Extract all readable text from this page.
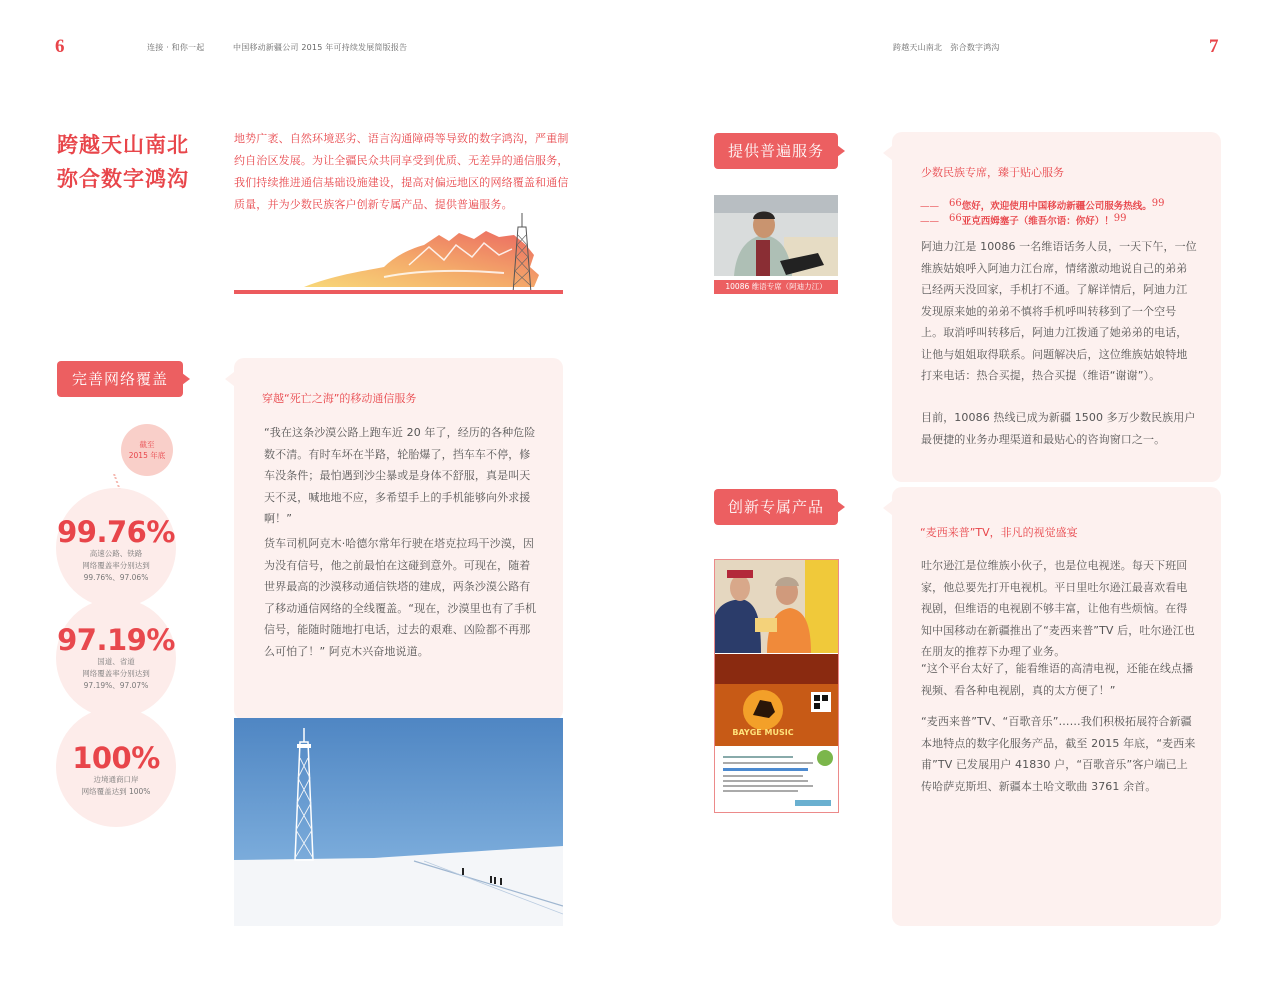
6	连接 · 和你一起	中国移动新疆公司 2015 年可持续发展简版报告	跨越天山南北   弥合数字鸿沟	7
跨越天山南北
弥合数字鸿沟
地势广袤、自然环境恶劣、语言沟通障碍等导致的数字鸿沟，严重制约自治区发展。为让全疆民众共同享受到优质、无差异的通信服务，我们持续推进通信基础设施建设，提高对偏远地区的网络覆盖和通信质量，并为少数民族客户创新专属产品、提供普遍服务。
完善网络覆盖
截至
2015 年底
99.76%
高速公路、铁路
网络覆盖率分别达到
99.76%、97.06%
97.19%
国道、省道
网络覆盖率分别达到
97.19%、97.07%
100%
边境通商口岸
网络覆盖达到 100%
穿越“死亡之海”的移动通信服务
“我在这条沙漠公路上跑车近 20 年了，经历的各种危险数不清。有时车坏在半路，轮胎爆了，挡车车不停，修车没条件；最怕遇到沙尘暴或是身体不舒服，真是叫天天不灵，喊地地不应，多希望手上的手机能够向外求援啊！”
货车司机阿克木·哈德尔常年行驶在塔克拉玛干沙漠，因为没有信号，他之前最怕在这碰到意外。可现在，随着世界最高的沙漠移动通信铁塔的建成，两条沙漠公路有了移动通信网络的全线覆盖。“现在，沙漠里也有了手机信号，能随时随地打电话，过去的艰难、凶险都不再那么可怕了！” 阿克木兴奋地说道。
提供普遍服务
10086 维语专席（阿迪力江）
少数民族专席，臻于贴心服务
—— 66您好，欢迎使用中国移动新疆公司服务热线。99
—— 66亚克西姆塞子（维吾尔语：你好）！99
阿迪力江是 10086 一名维语话务人员，一天下午，一位维族姑娘呼入阿迪力江台席，情绪激动地说自己的弟弟已经两天没回家，手机打不通。了解详情后，阿迪力江发现原来她的弟弟不慎将手机呼叫转移到了一个空号上。取消呼叫转移后，阿迪力江拨通了她弟弟的电话，让他与姐姐取得联系。问题解决后，这位维族姑娘特地打来电话：热合买提，热合买提（维语“谢谢”）。
目前，10086 热线已成为新疆 1500 多万少数民族用户最便捷的业务办理渠道和最贴心的咨询窗口之一。
创新专属产品
BAYGE MUSIC
“麦西来普”TV，非凡的视觉盛宴
吐尔逊江是位维族小伙子，也是位电视迷。每天下班回家，他总要先打开电视机。平日里吐尔逊江最喜欢看电视剧，但维语的电视剧不够丰富，让他有些烦恼。在得知中国移动在新疆推出了“麦西来普”TV 后，吐尔逊江也在朋友的推荐下办理了业务。
“这个平台太好了，能看维语的高清电视，还能在线点播视频、看各种电视剧，真的太方便了！”
“麦西来普”TV、“百歌音乐”……我们积极拓展符合新疆本地特点的数字化服务产品，截至 2015 年底，“麦西来甫”TV 已发展用户 41830 户，“百歌音乐”客户端已上传哈萨克斯坦、新疆本土哈文歌曲 3761 余首。
